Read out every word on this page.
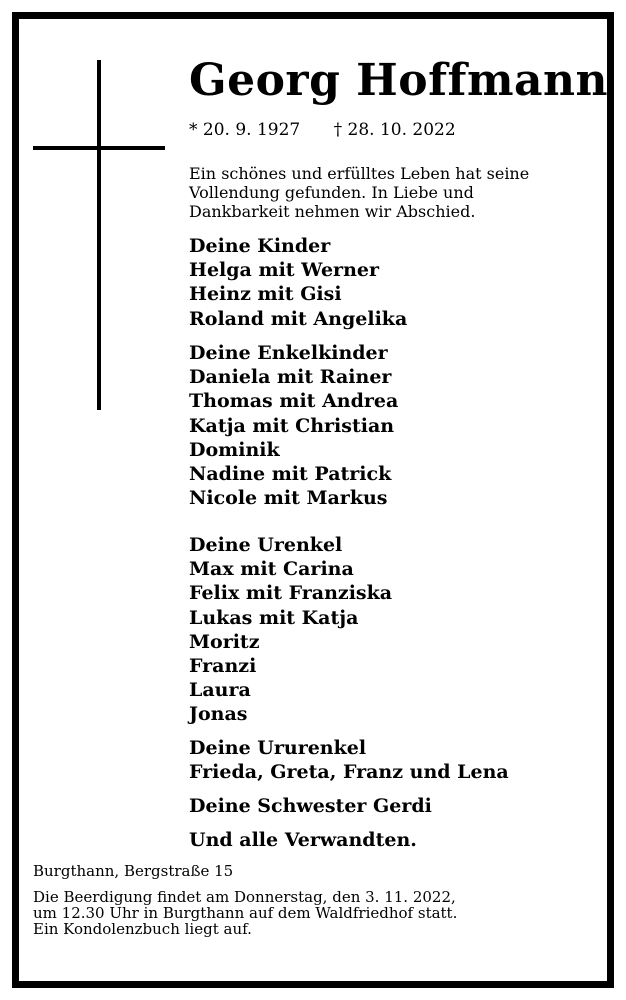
Georg Hoffmann
* 20. 9. 1927 † 28. 10. 2022
Ein schönes und erfülltes Leben hat seine
Vollendung gefunden. In Liebe und
Dankbarkeit nehmen wir Abschied.
Deine Kinder
Helga mit Werner
Heinz mit Gisi
Roland mit Angelika
Deine Enkelkinder
Daniela mit Rainer
Thomas mit Andrea
Katja mit Christian
Dominik
Nadine mit Patrick
Nicole mit Markus
Deine Urenkel
Max mit Carina
Felix mit Franziska
Lukas mit Katja
Moritz
Franzi
Laura
Jonas
Deine Ururenkel
Frieda, Greta, Franz und Lena
Deine Schwester Gerdi
Und alle Verwandten.
Burgthann, Bergstraße 15
Die Beerdigung findet am Donnerstag, den 3. 11. 2022,
um 12.30 Uhr in Burgthann auf dem Waldfriedhof statt.
Ein Kondolenzbuch liegt auf.
